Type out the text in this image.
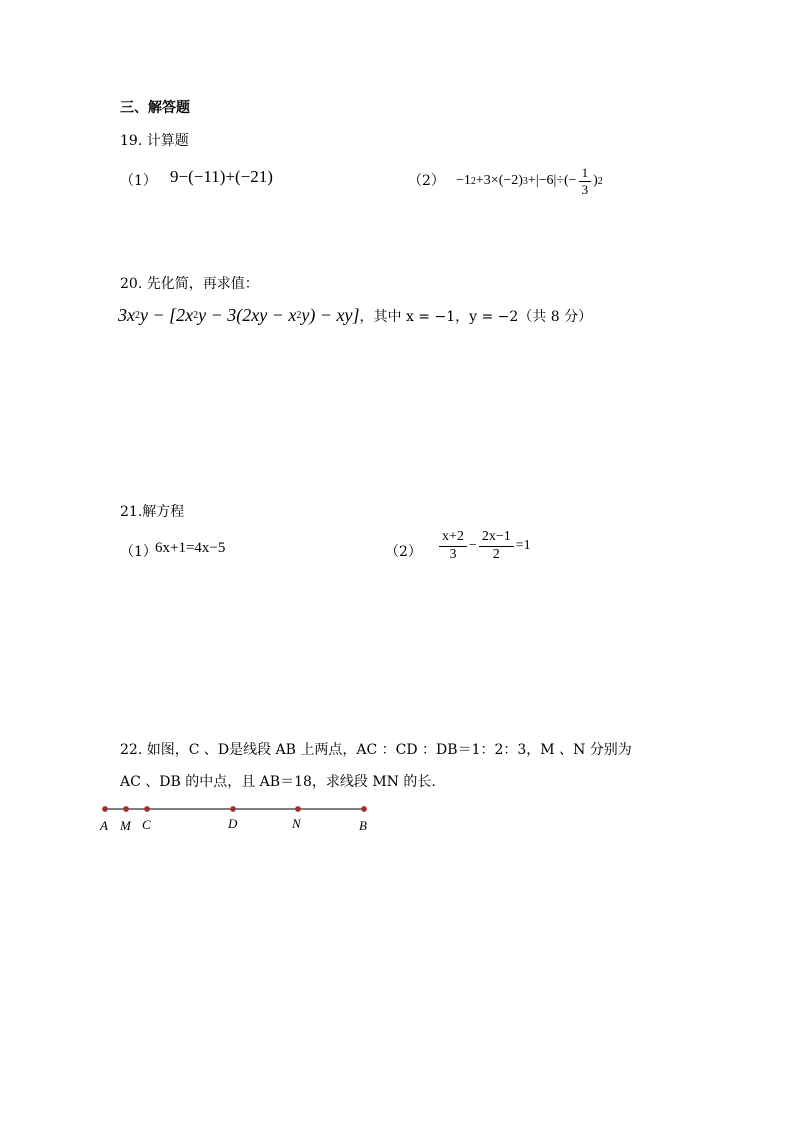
三、解答题
19. 计算题
（1） 9−(−11)+(−21)	（2） −1 2 +3×(−2) $3 +|-6|\div(- \frac{1}{3}$ ) 2
20. 先化简，再求值：
3x 2 y − [2x 2 y − 3(2xy − x 2 y) − xy] ，其中 x = −1，y = −2（共 8 分）
21.解方程
（1）
6x+1=4x−5	$(2) \frac{x+2}{3} - \frac{2x-1}{2} =1$
22. 如图，C 、D是线段 AB 上两点，AC ：CD ：DB＝1：2：3，M 、N 分别为
AC 、DB 的中点，且 AB＝18，求线段 MN 的长.
A M C	D	N	B
